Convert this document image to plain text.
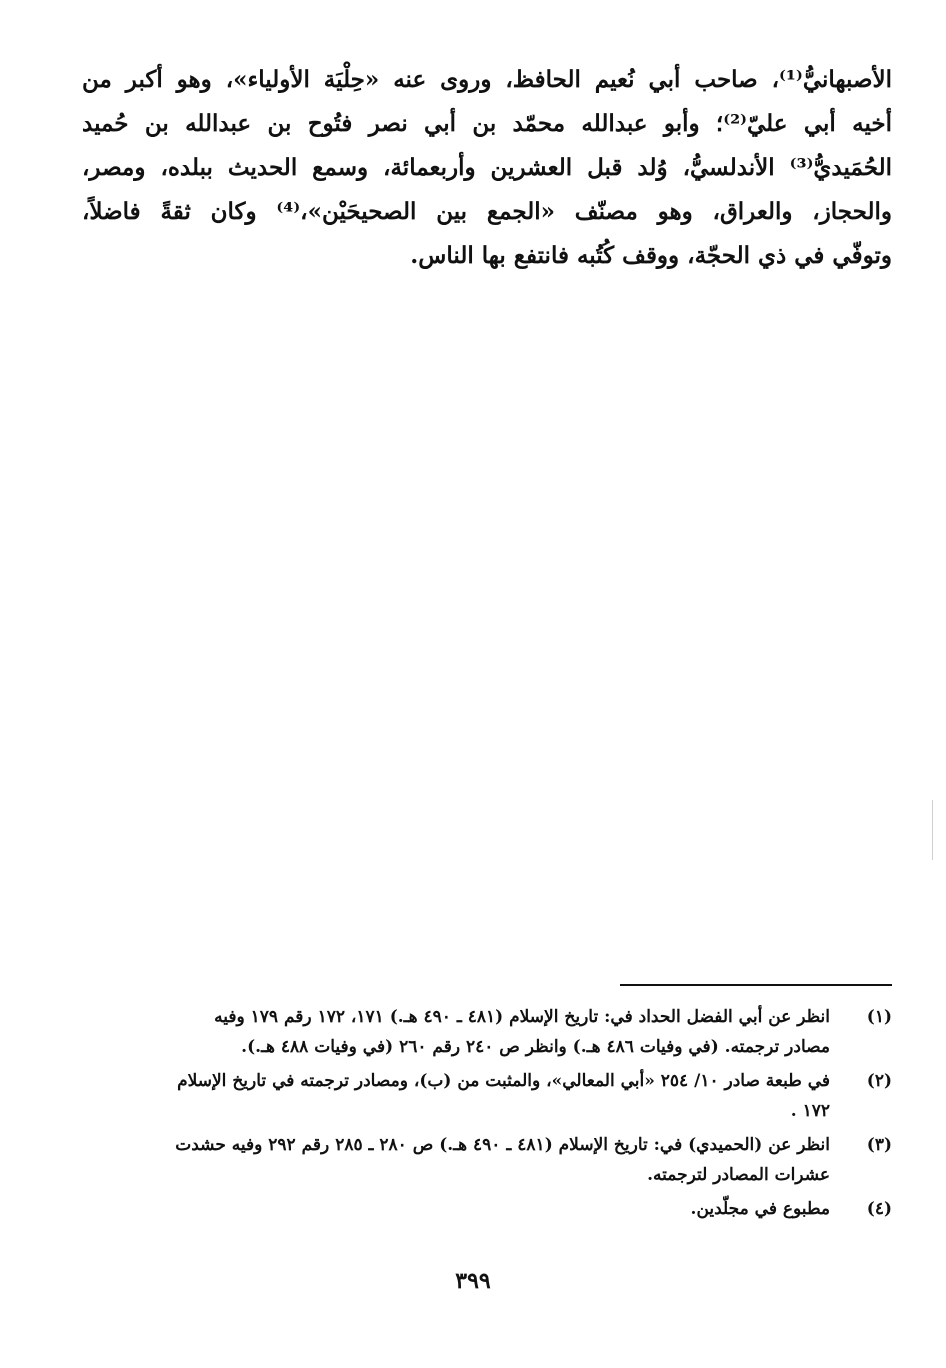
الأصبهانيُّ⁽¹⁾، صاحب أبي نُعيم الحافظ، وروى عنه «حِلْيَة الأولياء»، وهو أكبر من
أخيه أبي عليّ⁽²⁾؛ وأبو عبدالله محمّد بن أبي نصر فتُوح بن عبدالله بن حُميد
الحُمَيديُّ⁽³⁾ الأندلسيُّ، وُلد قبل العشرين وأربعمائة، وسمع الحديث ببلده، ومصر،
والحجاز، والعراق، وهو مصنّف «الجمع بين الصحيحَيْن»،⁽⁴⁾ وكان ثقةً فاضلاً،
وتوفّي في ذي الحجّة، ووقف كُتُبه فانتفع بها الناس.
(١)
انظر عن أبي الفضل الحداد في: تاريخ الإسلام (٤٨١ ـ ٤٩٠ هـ.) ١٧١، ١٧٢ رقم ١٧٩ وفيه
مصادر ترجمته. (في وفيات ٤٨٦ هـ.) وانظر ص ٢٤٠ رقم ٢٦٠ (في وفيات ٤٨٨ هـ.).
(٢)
في طبعة صادر ١٠/ ٢٥٤ «أبي المعالي»، والمثبت من (ب)، ومصادر ترجمته في تاريخ الإسلام
١٧٢ .
(٣)
انظر عن (الحميدي) في: تاريخ الإسلام (٤٨١ ـ ٤٩٠ هـ.) ص ٢٨٠ ـ ٢٨٥ رقم ٢٩٢ وفيه حشدت
عشرات المصادر لترجمته.
(٤)
مطبوع في مجلّدين.
٣٩٩
